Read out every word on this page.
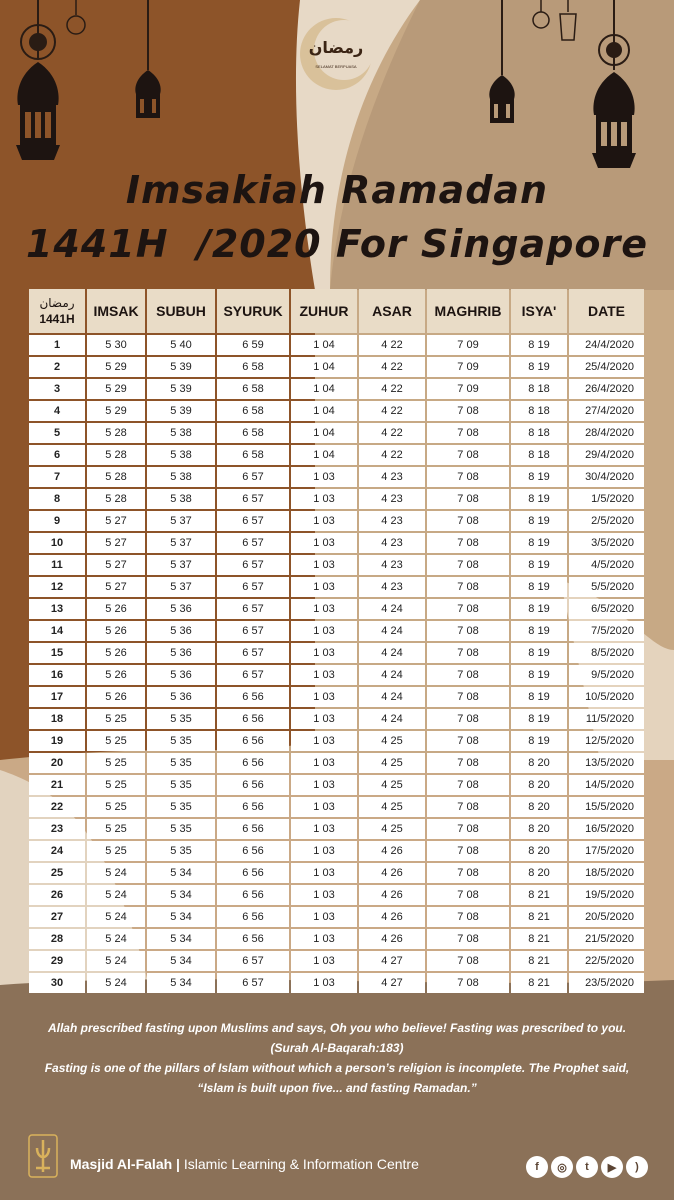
رمضان
SELAMAT BERPUASA
Imsakiah Ramadan
1441H  /2020 For Singapore
رمضان
1441H	IMSAK	SUBUH	SYURUK	ZUHUR	ASAR	MAGHRIB	ISYA'	DATE
1	5 30	5 40	6 59	1 04	4 22	7 09	8 19	24/4/2020
2	5 29	5 39	6 58	1 04	4 22	7 09	8 19	25/4/2020
3	5 29	5 39	6 58	1 04	4 22	7 09	8 18	26/4/2020
4	5 29	5 39	6 58	1 04	4 22	7 08	8 18	27/4/2020
5	5 28	5 38	6 58	1 04	4 22	7 08	8 18	28/4/2020
6	5 28	5 38	6 58	1 04	4 22	7 08	8 18	29/4/2020
7	5 28	5 38	6 57	1 03	4 23	7 08	8 19	30/4/2020
8	5 28	5 38	6 57	1 03	4 23	7 08	8 19	1/5/2020
9	5 27	5 37	6 57	1 03	4 23	7 08	8 19	2/5/2020
10	5 27	5 37	6 57	1 03	4 23	7 08	8 19	3/5/2020
11	5 27	5 37	6 57	1 03	4 23	7 08	8 19	4/5/2020
12	5 27	5 37	6 57	1 03	4 23	7 08	8 19	5/5/2020
13	5 26	5 36	6 57	1 03	4 24	7 08	8 19	6/5/2020
14	5 26	5 36	6 57	1 03	4 24	7 08	8 19	7/5/2020
15	5 26	5 36	6 57	1 03	4 24	7 08	8 19	8/5/2020
16	5 26	5 36	6 57	1 03	4 24	7 08	8 19	9/5/2020
17	5 26	5 36	6 56	1 03	4 24	7 08	8 19	10/5/2020
18	5 25	5 35	6 56	1 03	4 24	7 08	8 19	11/5/2020
19	5 25	5 35	6 56	1 03	4 25	7 08	8 19	12/5/2020
20	5 25	5 35	6 56	1 03	4 25	7 08	8 20	13/5/2020
21	5 25	5 35	6 56	1 03	4 25	7 08	8 20	14/5/2020
22	5 25	5 35	6 56	1 03	4 25	7 08	8 20	15/5/2020
23	5 25	5 35	6 56	1 03	4 25	7 08	8 20	16/5/2020
24	5 25	5 35	6 56	1 03	4 26	7 08	8 20	17/5/2020
25	5 24	5 34	6 56	1 03	4 26	7 08	8 20	18/5/2020
26	5 24	5 34	6 56	1 03	4 26	7 08	8 21	19/5/2020
27	5 24	5 34	6 56	1 03	4 26	7 08	8 21	20/5/2020
28	5 24	5 34	6 56	1 03	4 26	7 08	8 21	21/5/2020
29	5 24	5 34	6 57	1 03	4 27	7 08	8 21	22/5/2020
30	5 24	5 34	6 57	1 03	4 27	7 08	8 21	23/5/2020
Allah prescribed fasting upon Muslims and says, Oh you who believe! Fasting was prescribed to you.
(Surah Al-Baqarah:183)
Fasting is one of the pillars of Islam without which a person’s religion is incomplete. The Prophet said,
“Islam is built upon five... and fasting Ramadan.”
Masjid Al-Falah | Islamic Learning & Information Centre	f	◎	t	▶	)
